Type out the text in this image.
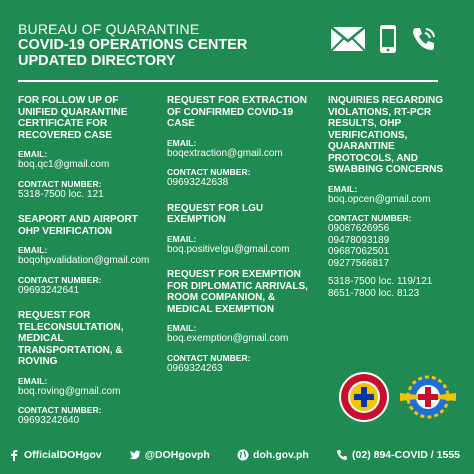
BUREAU OF QUARANTINE
COVID-19 OPERATIONS CENTER
UPDATED DIRECTORY
FOR FOLLOW UP OF UNIFIED QUARANTINE CERTIFICATE FOR RECOVERED CASE
EMAIL:
boq.qc1@gmail.com
CONTACT NUMBER:
5318-7500 loc. 121
SEAPORT AND AIRPORT OHP VERIFICATION
EMAIL:
boqohpvalidation@gmail.com
CONTACT NUMBER:
09693242641
REQUEST FOR TELECONSULTATION, MEDICAL TRANSPORTATION, & ROVING
EMAIL:
boq.roving@gmail.com
CONTACT NUMBER:
09693242640
REQUEST FOR EXTRACTION OF CONFIRMED COVID-19 CASE
EMAIL:
boqextraction@gmail.com
CONTACT NUMBER:
09693242638
REQUEST FOR LGU EXEMPTION
EMAIL:
boq.positivelgu@gmail.com
REQUEST FOR EXEMPTION FOR DIPLOMATIC ARRIVALS, ROOM COMPANION, & MEDICAL EXEMPTION
EMAIL:
boq.exemption@gmail.com
CONTACT NUMBER:
0969324263
INQUIRIES REGARDING VIOLATIONS, RT-PCR RESULTS, OHP VERIFICATIONS, QUARANTINE PROTOCOLS, AND SWABBING CONCERNS
EMAIL:
boq.opcen@gmail.com
CONTACT NUMBER:
09087626956
09478093189
09687062501
09277566817
5318-7500 loc. 119/121
8651-7800 loc. 8123
OfficialDOHgov	@DOHgovph	doh.gov.ph	(02) 894-COVID / 1555
